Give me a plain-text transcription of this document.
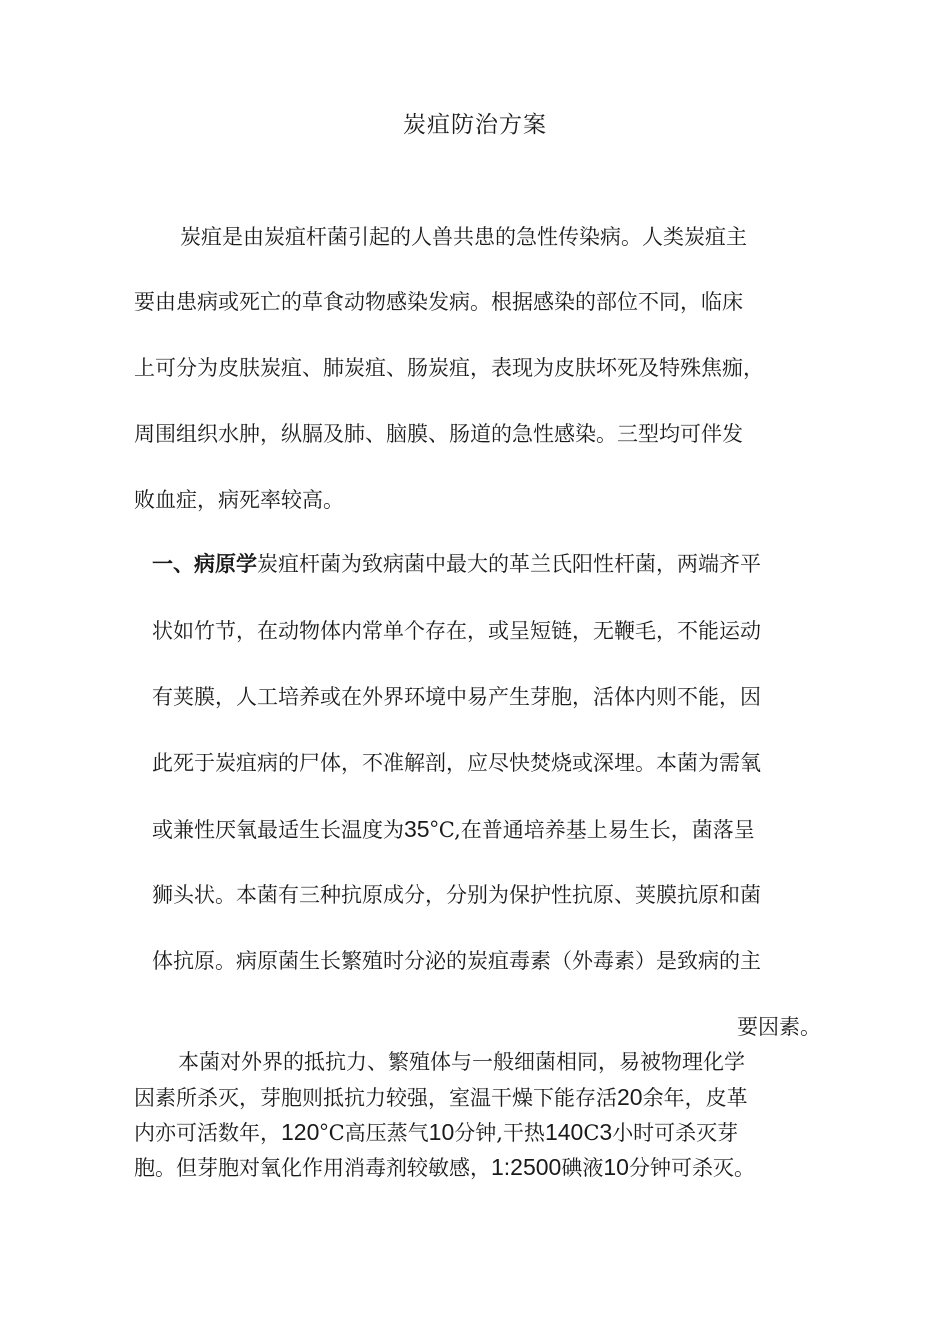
炭疽防治方案
炭疽是由炭疽杆菌引起的人兽共患的急性传染病。人类炭疽主
要由患病或死亡的草食动物感染发病。根据感染的部位不同，临床
上可分为皮肤炭疽、肺炭疽、肠炭疽，表现为皮肤坏死及特殊焦痂，
周围组织水肿，纵膈及肺、脑膜、肠道的急性感染。三型均可伴发
败血症，病死率较高。
一、病原学炭疽杆菌为致病菌中最大的革兰氏阳性杆菌，两端齐平
状如竹节，在动物体内常单个存在，或呈短链，无鞭毛，不能运动
有荚膜，人工培养或在外界环境中易产生芽胞，活体内则不能，因
此死于炭疽病的尸体，不准解剖，应尽快焚烧或深埋。本菌为需氧
或兼性厌氧最适生长温度为35°C,在普通培养基上易生长，菌落呈
狮头状。本菌有三种抗原成分，分别为保护性抗原、荚膜抗原和菌
体抗原。病原菌生长繁殖时分泌的炭疽毒素（外毒素）是致病的主
要因素。
本菌对外界的抵抗力、繁殖体与一般细菌相同，易被物理化学
因素所杀灭，芽胞则抵抗力较强，室温干燥下能存活20余年，皮革
内亦可活数年，120°C高压蒸气10分钟,干热140C3小时可杀灭芽
胞。但芽胞对氧化作用消毒剂较敏感，1:2500碘液10分钟可杀灭。
